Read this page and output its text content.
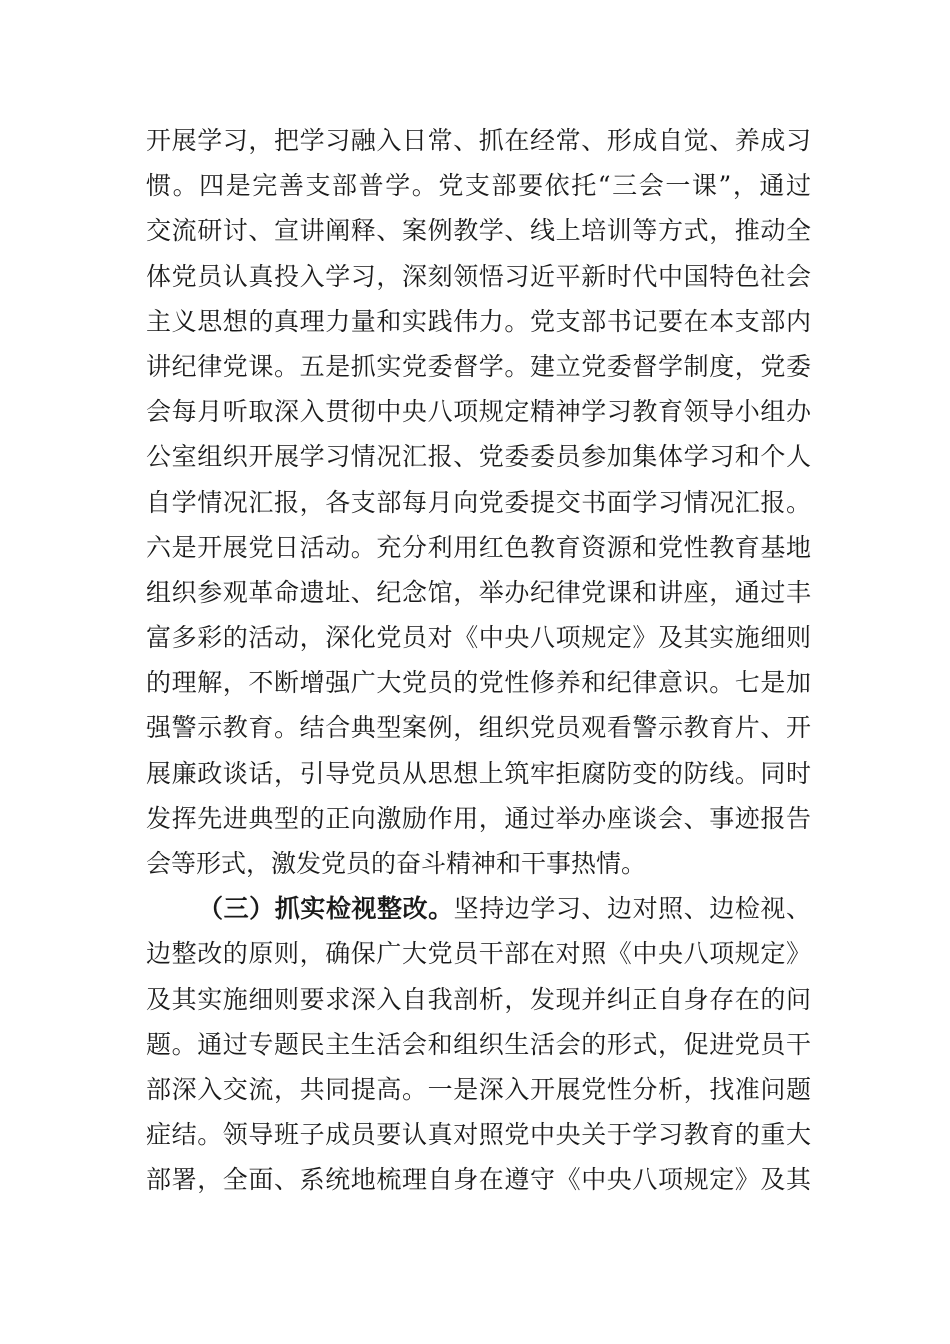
开展学习，把学习融入日常、抓在经常、形成自觉、养成习
惯。四是完善支部普学。党支部要依托“三会一课”，通过
交流研讨、宣讲阐释、案例教学、线上培训等方式，推动全
体党员认真投入学习，深刻领悟习近平新时代中国特色社会
主义思想的真理力量和实践伟力。党支部书记要在本支部内
讲纪律党课。五是抓实党委督学。建立党委督学制度，党委
会每月听取深入贯彻中央八项规定精神学习教育领导小组办
公室组织开展学习情况汇报、党委委员参加集体学习和个人
自学情况汇报，各支部每月向党委提交书面学习情况汇报。
六是开展党日活动。充分利用红色教育资源和党性教育基地
组织参观革命遗址、纪念馆，举办纪律党课和讲座，通过丰
富多彩的活动，深化党员对《中央八项规定》及其实施细则
的理解，不断增强广大党员的党性修养和纪律意识。七是加
强警示教育。结合典型案例，组织党员观看警示教育片、开
展廉政谈话，引导党员从思想上筑牢拒腐防变的防线。同时
发挥先进典型的正向激励作用，通过举办座谈会、事迹报告
会等形式，激发党员的奋斗精神和干事热情。
（三）抓实检视整改。坚持边学习、边对照、边检视、
边整改的原则，确保广大党员干部在对照《中央八项规定》
及其实施细则要求深入自我剖析，发现并纠正自身存在的问
题。通过专题民主生活会和组织生活会的形式，促进党员干
部深入交流，共同提高。一是深入开展党性分析，找准问题
症结。领导班子成员要认真对照党中央关于学习教育的重大
部署，全面、系统地梳理自身在遵守《中央八项规定》及其
